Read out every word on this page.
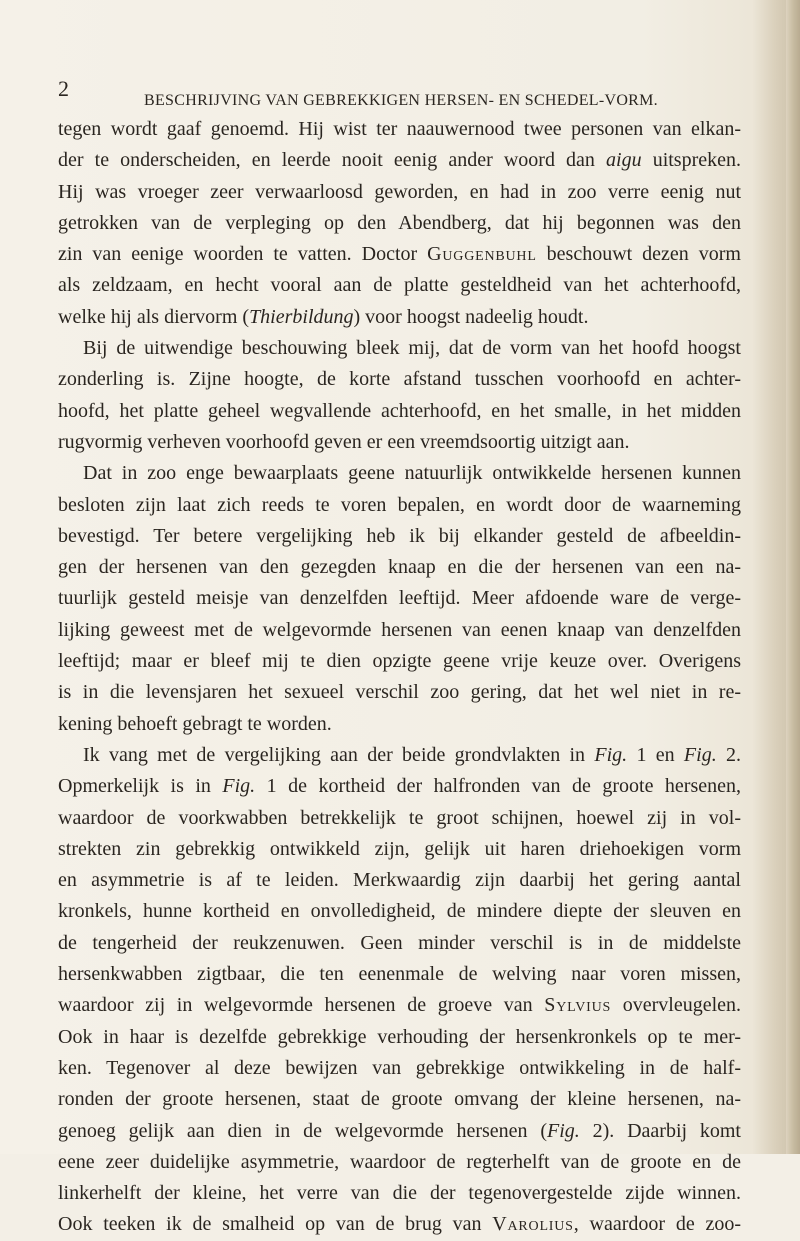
2	BESCHRIJVING VAN GEBREKKIGEN HERSEN- EN SCHEDEL-VORM.
tegen wordt gaaf genoemd. Hij wist ter naauwernood twee personen van elkan-
der te onderscheiden, en leerde nooit eenig ander woord dan aigu uitspreken.
Hij was vroeger zeer verwaarloosd geworden, en had in zoo verre eenig nut
getrokken van de verpleging op den Abendberg, dat hij begonnen was den
zin van eenige woorden te vatten. Doctor Guggenbuhl beschouwt dezen vorm
als zeldzaam, en hecht vooral aan de platte gesteldheid van het achterhoofd,
welke hij als diervorm (Thierbildung) voor hoogst nadeelig houdt.
Bij de uitwendige beschouwing bleek mij, dat de vorm van het hoofd hoogst
zonderling is. Zijne hoogte, de korte afstand tusschen voorhoofd en achter-
hoofd, het platte geheel wegvallende achterhoofd, en het smalle, in het midden
rugvormig verheven voorhoofd geven er een vreemdsoortig uitzigt aan.
Dat in zoo enge bewaarplaats geene natuurlijk ontwikkelde hersenen kunnen
besloten zijn laat zich reeds te voren bepalen, en wordt door de waarneming
bevestigd. Ter betere vergelijking heb ik bij elkander gesteld de afbeeldin-
gen der hersenen van den gezegden knaap en die der hersenen van een na-
tuurlijk gesteld meisje van denzelfden leeftijd. Meer afdoende ware de verge-
lijking geweest met de welgevormde hersenen van eenen knaap van denzelfden
leeftijd; maar er bleef mij te dien opzigte geene vrije keuze over. Overigens
is in die levensjaren het sexueel verschil zoo gering, dat het wel niet in re-
kening behoeft gebragt te worden.
Ik vang met de vergelijking aan der beide grondvlakten in Fig. 1 en Fig. 2.
Opmerkelijk is in Fig. 1 de kortheid der halfronden van de groote hersenen,
waardoor de voorkwabben betrekkelijk te groot schijnen, hoewel zij in vol-
strekten zin gebrekkig ontwikkeld zijn, gelijk uit haren driehoekigen vorm
en asymmetrie is af te leiden. Merkwaardig zijn daarbij het gering aantal
kronkels, hunne kortheid en onvolledigheid, de mindere diepte der sleuven en
de tengerheid der reukzenuwen. Geen minder verschil is in de middelste
hersenkwabben zigtbaar, die ten eenenmale de welving naar voren missen,
waardoor zij in welgevormde hersenen de groeve van Sylvius overvleugelen.
Ook in haar is dezelfde gebrekkige verhouding der hersenkronkels op te mer-
ken. Tegenover al deze bewijzen van gebrekkige ontwikkeling in de half-
ronden der groote hersenen, staat de groote omvang der kleine hersenen, na-
genoeg gelijk aan dien in de welgevormde hersenen (Fig. 2). Daarbij komt
eene zeer duidelijke asymmetrie, waardoor de regterhelft van de groote en de
linkerhelft der kleine, het verre van die der tegenovergestelde zijde winnen.
Ook teeken ik de smalheid op van de brug van Varolius, waardoor de zoo-
